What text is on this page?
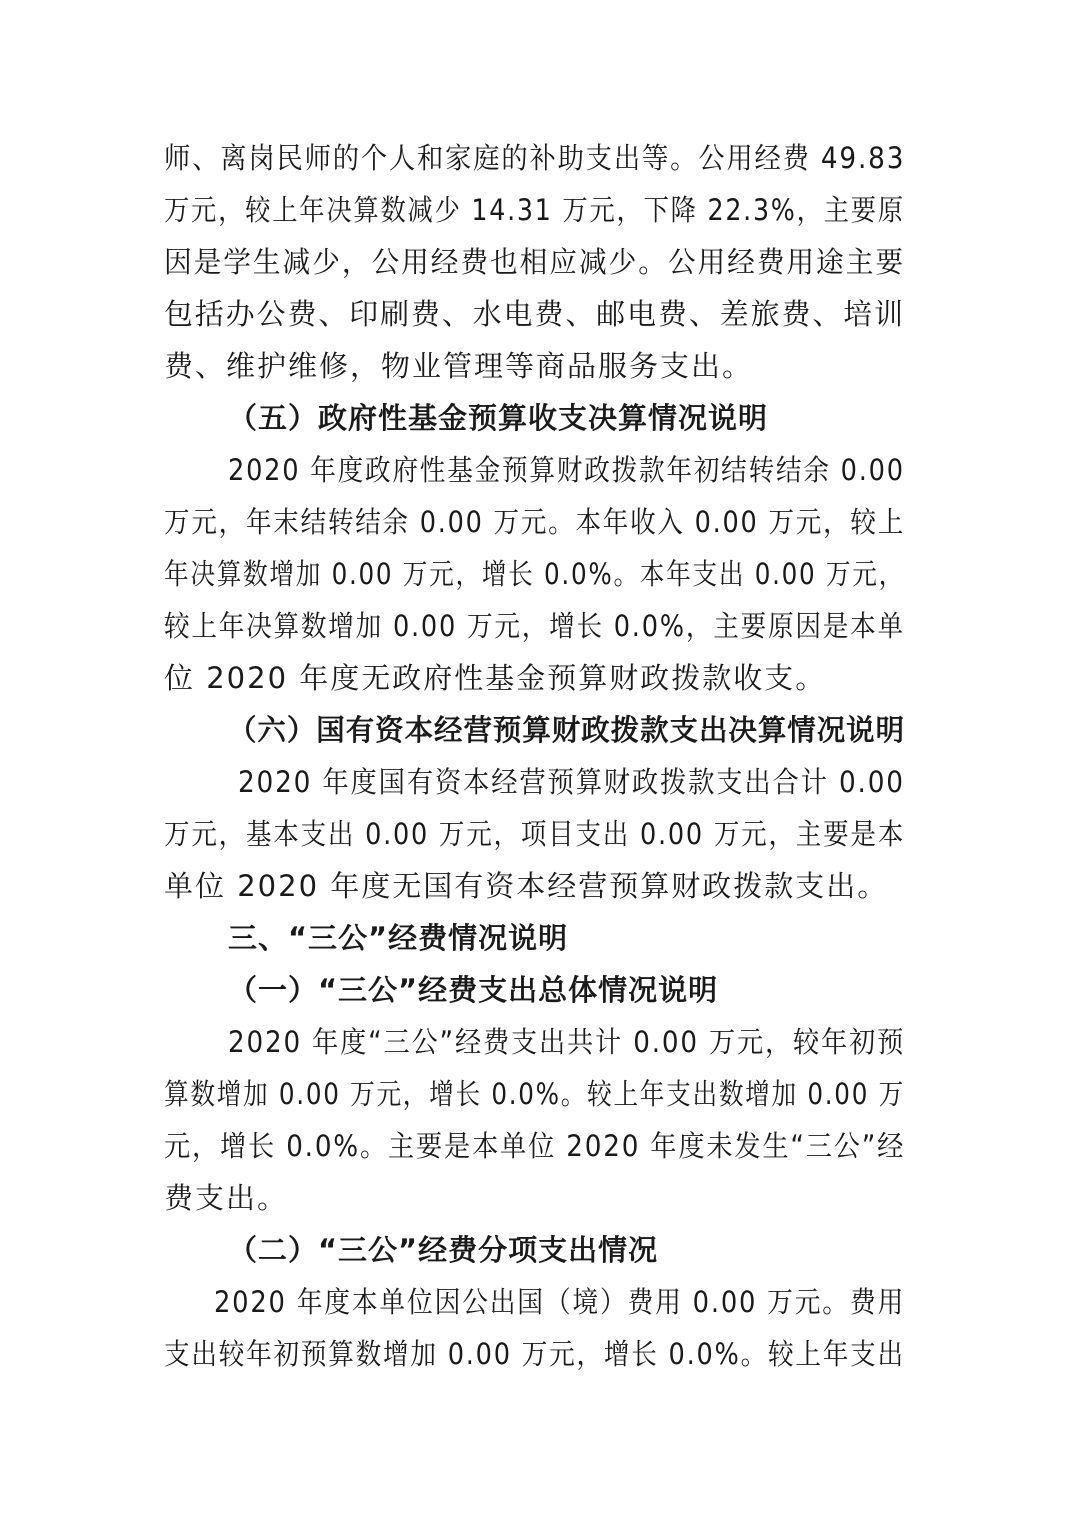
师、离岗民师的个人和家庭的补助支出等。公用经费 49.83
万元，较上年决算数减少 14.31 万元，下降 22.3%，主要原
因是学生减少，公用经费也相应减少。公用经费用途主要
包括办公费、印刷费、水电费、邮电费、差旅费、培训
费、维护维修，物业管理等商品服务支出。
（五）政府性基金预算收支决算情况说明
2020 年度政府性基金预算财政拨款年初结转结余 0.00
万元，年末结转结余 0.00 万元。本年收入 0.00 万元，较上
年决算数增加 0.00 万元，增长 0.0%。本年支出 0.00 万元，
较上年决算数增加 0.00 万元，增长 0.0%，主要原因是本单
位 2020 年度无政府性基金预算财政拨款收支。
（六）国有资本经营预算财政拨款支出决算情况说明
2020 年度国有资本经营预算财政拨款支出合计 0.00
万元，基本支出 0.00 万元，项目支出 0.00 万元，主要是本
单位 2020 年度无国有资本经营预算财政拨款支出。
三、“三公”经费情况说明
（一）“三公”经费支出总体情况说明
2020 年度“三公”经费支出共计 0.00 万元，较年初预
算数增加 0.00 万元，增长 0.0%。较上年支出数增加 0.00 万
元，增长 0.0%。主要是本单位 2020 年度未发生“三公”经
费支出。
（二）“三公”经费分项支出情况
2020 年度本单位因公出国（境）费用 0.00 万元。费用
支出较年初预算数增加 0.00 万元，增长 0.0%。较上年支出
